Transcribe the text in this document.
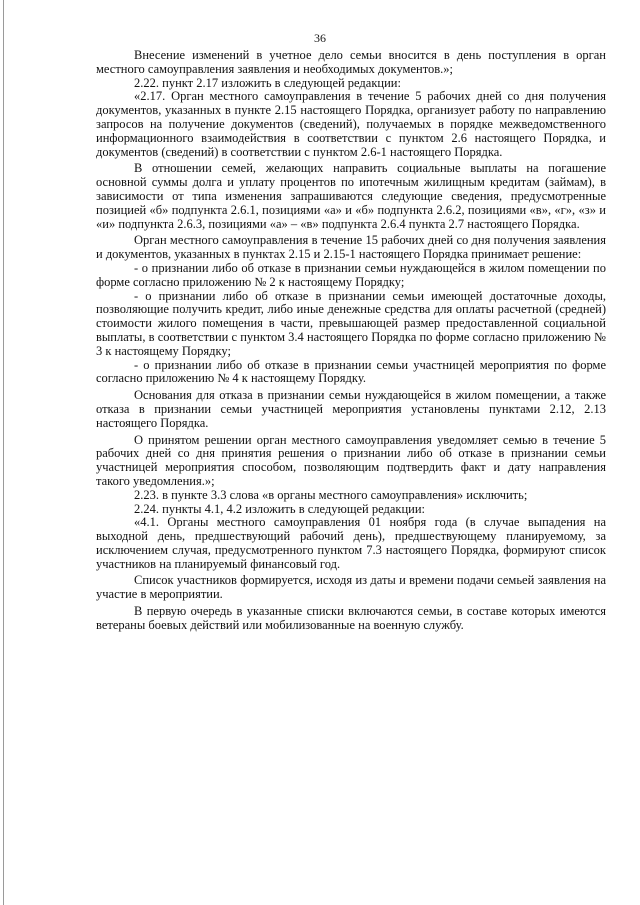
36

Внесение изменений в учетное дело семьи вносится в день поступления в орган местного самоуправления заявления и необходимых документов.»;

2.22. пункт 2.17 изложить в следующей редакции:

«2.17. Орган местного самоуправления в течение 5 рабочих дней со дня получения документов, указанных в пункте 2.15 настоящего Порядка, организует работу по направлению запросов на получение документов (сведений), получаемых в порядке межведомственного информационного взаимодействия в соответствии с пунктом 2.6 настоящего Порядка, и документов (сведений) в соответствии с пунктом 2.6-1 настоящего Порядка.

В отношении семей, желающих направить социальные выплаты на погашение основной суммы долга и уплату процентов по ипотечным жилищным кредитам (займам), в зависимости от типа изменения запрашиваются следующие сведения, предусмотренные позицией «б» подпункта 2.6.1, позициями «а» и «б» подпункта 2.6.2, позициями «в», «г», «з» и «и» подпункта 2.6.3, позициями «а» – «в» подпункта 2.6.4 пункта 2.7 настоящего Порядка.

Орган местного самоуправления в течение 15 рабочих дней со дня получения заявления и документов, указанных в пунктах 2.15 и 2.15-1 настоящего Порядка принимает решение:

- о признании либо об отказе в признании семьи нуждающейся в жилом помещении по форме согласно приложению № 2 к настоящему Порядку;

- о признании либо об отказе в признании семьи имеющей достаточные доходы, позволяющие получить кредит, либо иные денежные средства для оплаты расчетной (средней) стоимости жилого помещения в части, превышающей размер предоставленной социальной выплаты, в соответствии с пунктом 3.4 настоящего Порядка по форме согласно приложению № 3 к настоящему Порядку;

- о признании либо об отказе в признании семьи участницей мероприятия по форме согласно приложению № 4 к настоящему Порядку.

Основания для отказа в признании семьи нуждающейся в жилом помещении, а также отказа в признании семьи участницей мероприятия установлены пунктами 2.12, 2.13 настоящего Порядка.

О принятом решении орган местного самоуправления уведомляет семью в течение 5 рабочих дней со дня принятия решения о признании либо об отказе в признании семьи участницей мероприятия способом, позволяющим подтвердить факт и дату направления такого уведомления.»;

2.23. в пункте 3.3 слова «в органы местного самоуправления» исключить;

2.24. пункты 4.1, 4.2 изложить в следующей редакции:

«4.1. Органы местного самоуправления 01 ноября года (в случае выпадения на выходной день, предшествующий рабочий день), предшествующему планируемому, за исключением случая, предусмотренного пунктом 7.3 настоящего Порядка, формируют список участников на планируемый финансовый год.

Список участников формируется, исходя из даты и времени подачи семьей заявления на участие в мероприятии.

В первую очередь в указанные списки включаются семьи, в составе которых имеются ветераны боевых действий или мобилизованные на военную службу.
